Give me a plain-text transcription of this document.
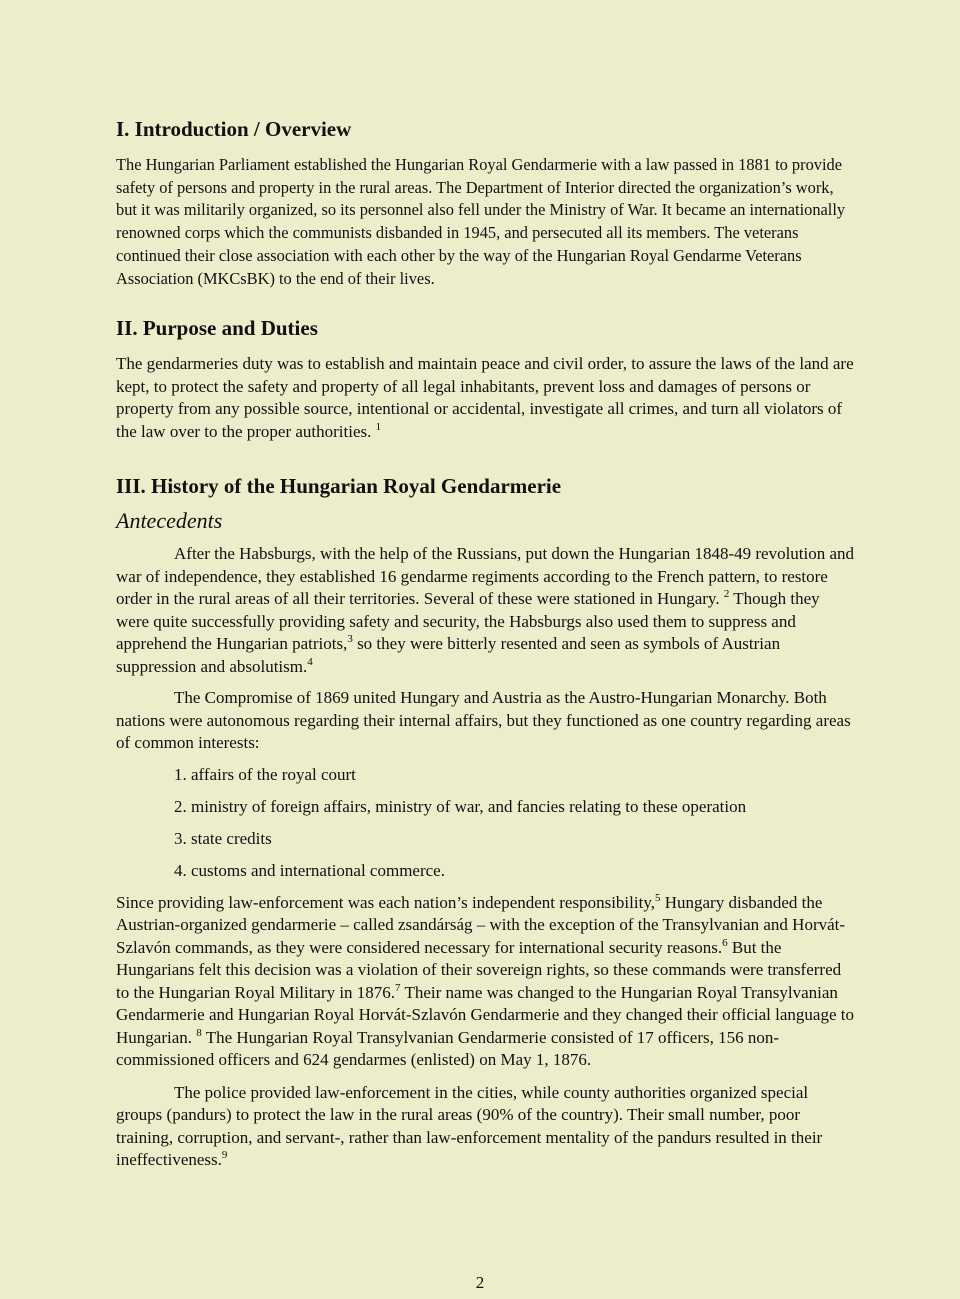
I. Introduction / Overview

The Hungarian Parliament established the Hungarian Royal Gendarmerie with a law passed in 1881 to provide safety of persons and property in the rural areas. The Department of Interior directed the organization’s work, but it was militarily organized, so its personnel also fell under the Ministry of War. It became an internationally renowned corps which the communists disbanded in 1945, and persecuted all its members. The veterans continued their close association with each other by the way of the Hungarian Royal Gendarme Veterans Association (MKCsBK) to the end of their lives.

II. Purpose and Duties

The gendarmeries duty was to establish and maintain peace and civil order, to assure the laws of the land are kept, to protect the safety and property of all legal inhabitants, prevent loss and damages of persons or property from any possible source, intentional or accidental, investigate all crimes, and turn all violators of the law over to the proper authorities. $^1$

III. History of the Hungarian Royal Gendarmerie
Antecedents

After the Habsburgs, with the help of the Russians, put down the Hungarian 1848-49 revolution and war of independence, they established 16 gendarme regiments according to the French pattern, to restore order in the rural areas of all their territories. Several of these were stationed in Hungary. $^2$ Though they were quite successfully providing safety and security, the Habsburgs also used them to suppress and apprehend the Hungarian patriots,$^3$ so they were bitterly resented and seen as symbols of Austrian suppression and absolutism.$^4$

The Compromise of 1869 united Hungary and Austria as the Austro-Hungarian Monarchy. Both nations were autonomous regarding their internal affairs, but they functioned as one country regarding areas of common interests:

1. affairs of the royal court
2. ministry of foreign affairs, ministry of war, and fancies relating to these operation
3. state credits
4. customs and international commerce.

Since providing law-enforcement was each nation’s independent responsibility,$^5$ Hungary disbanded the Austrian-organized gendarmerie – called zsandárság – with the exception of the Transylvanian and Horvát-Szlavón commands, as they were considered necessary for international security reasons.$^6$ But the Hungarians felt this decision was a violation of their sovereign rights, so these commands were transferred to the Hungarian Royal Military in 1876.$^7$ Their name was changed to the Hungarian Royal Transylvanian Gendarmerie and Hungarian Royal Horvát-Szlavón Gendarmerie and they changed their official language to Hungarian. $^8$ The Hungarian Royal Transylvanian Gendarmerie consisted of 17 officers, 156 non-commissioned officers and 624 gendarmes (enlisted) on May 1, 1876.

The police provided law-enforcement in the cities, while county authorities organized special groups (pandurs) to protect the law in the rural areas (90% of the country). Their small number, poor training, corruption, and servant-, rather than law-enforcement mentality of the pandurs resulted in their ineffectiveness.$^9$

2
